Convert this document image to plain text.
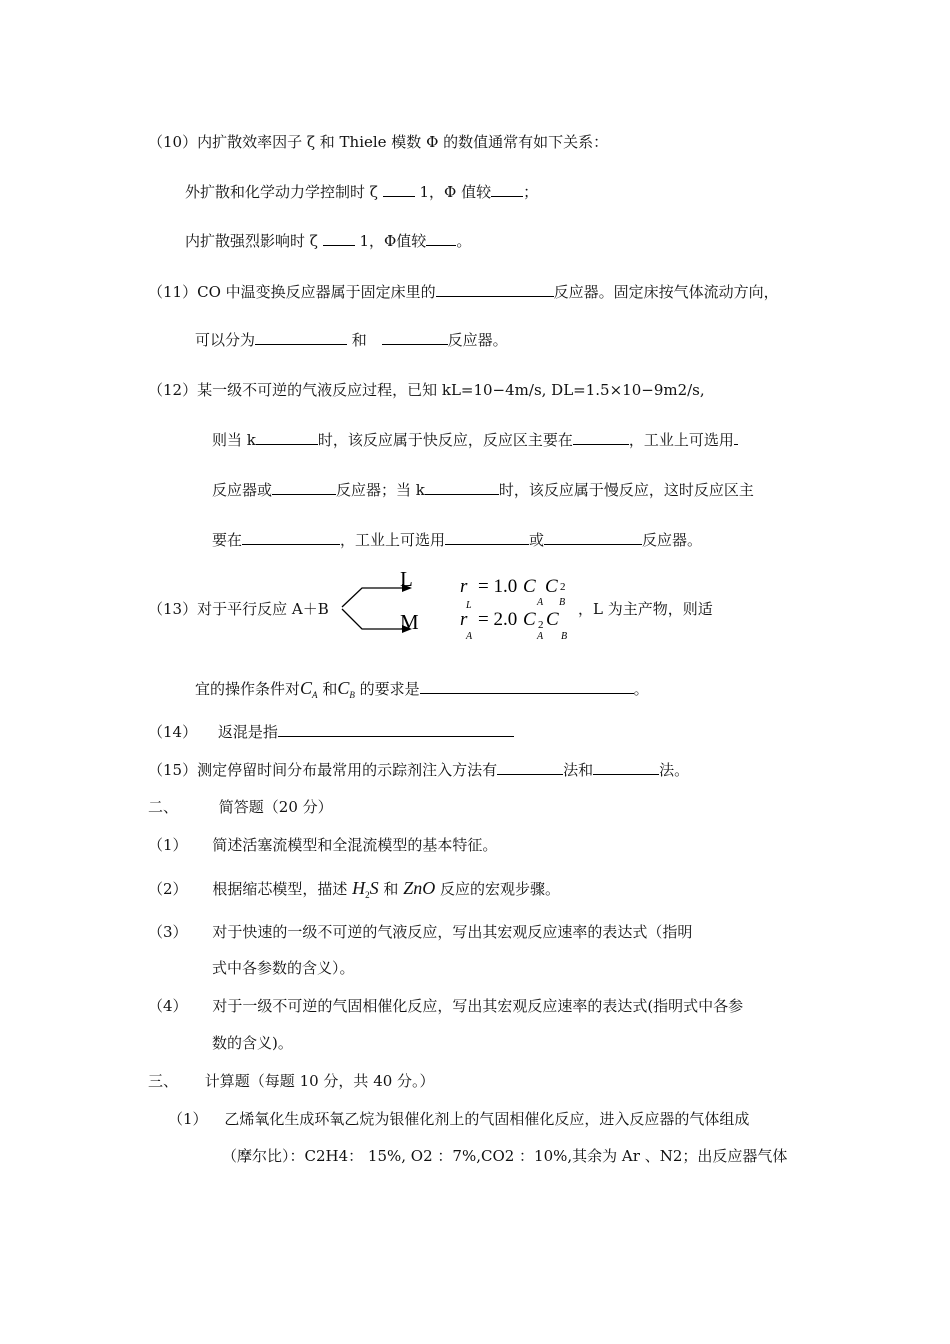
（10）内扩散效率因子 ζ 和 Thiele 模数 Φ 的数值通常有如下关系：
外扩散和化学动力学控制时 ζ	1，Φ 值较 ；
内扩散强烈影响时 ζ	1，Φ值较 。
（11）CO 中温变换反应器属于固定床里的	反应器。固定床按气体流动方向，
可以分为	和	反应器。
（12）某一级不可逆的气液反应过程，已知 kL=10−4m/s, DL=1.5×10−9m2/s,
则当 k	时，该反应属于快反应，反应区主要在	，工业上可选用
反应器或	反应器；当 k	时，该反应属于慢反应，这时反应区主
要在	，工业上可选用	或	反应器。
（13）对于平行反应 A＋B
L
M
r
L
= 1.0 C
A
C 2
B
r
A
= 2.0 C 2
A
C
B
，L 为主产物，则适
宜的操作条件对$C_A$ 和$C_B$ 的要求是	。
（14） 返混是指
（15）测定停留时间分布最常用的示踪剂注入方法有	法和	法。
二、	简答题（20 分）
（1） 简述活塞流模型和全混流模型的基本特征。
（2） 根据缩芯模型，描述 $H_2S$ 和 ZnO 反应的宏观步骤。
（3） 对于快速的一级不可逆的气液反应，写出其宏观反应速率的表达式（指明
式中各参数的含义）。
（4） 对于一级不可逆的气固相催化反应，写出其宏观反应速率的表达式(指明式中各参
数的含义)。
三、 计算题（每题 10 分，共 40 分。）
（1） 乙烯氧化生成环氧乙烷为银催化剂上的气固相催化反应，进入反应器的气体组成
（摩尔比）：C2H4： 15%, O2 ：7%,CO2 ：10%,其余为 Ar 、N2；出反应器气体
